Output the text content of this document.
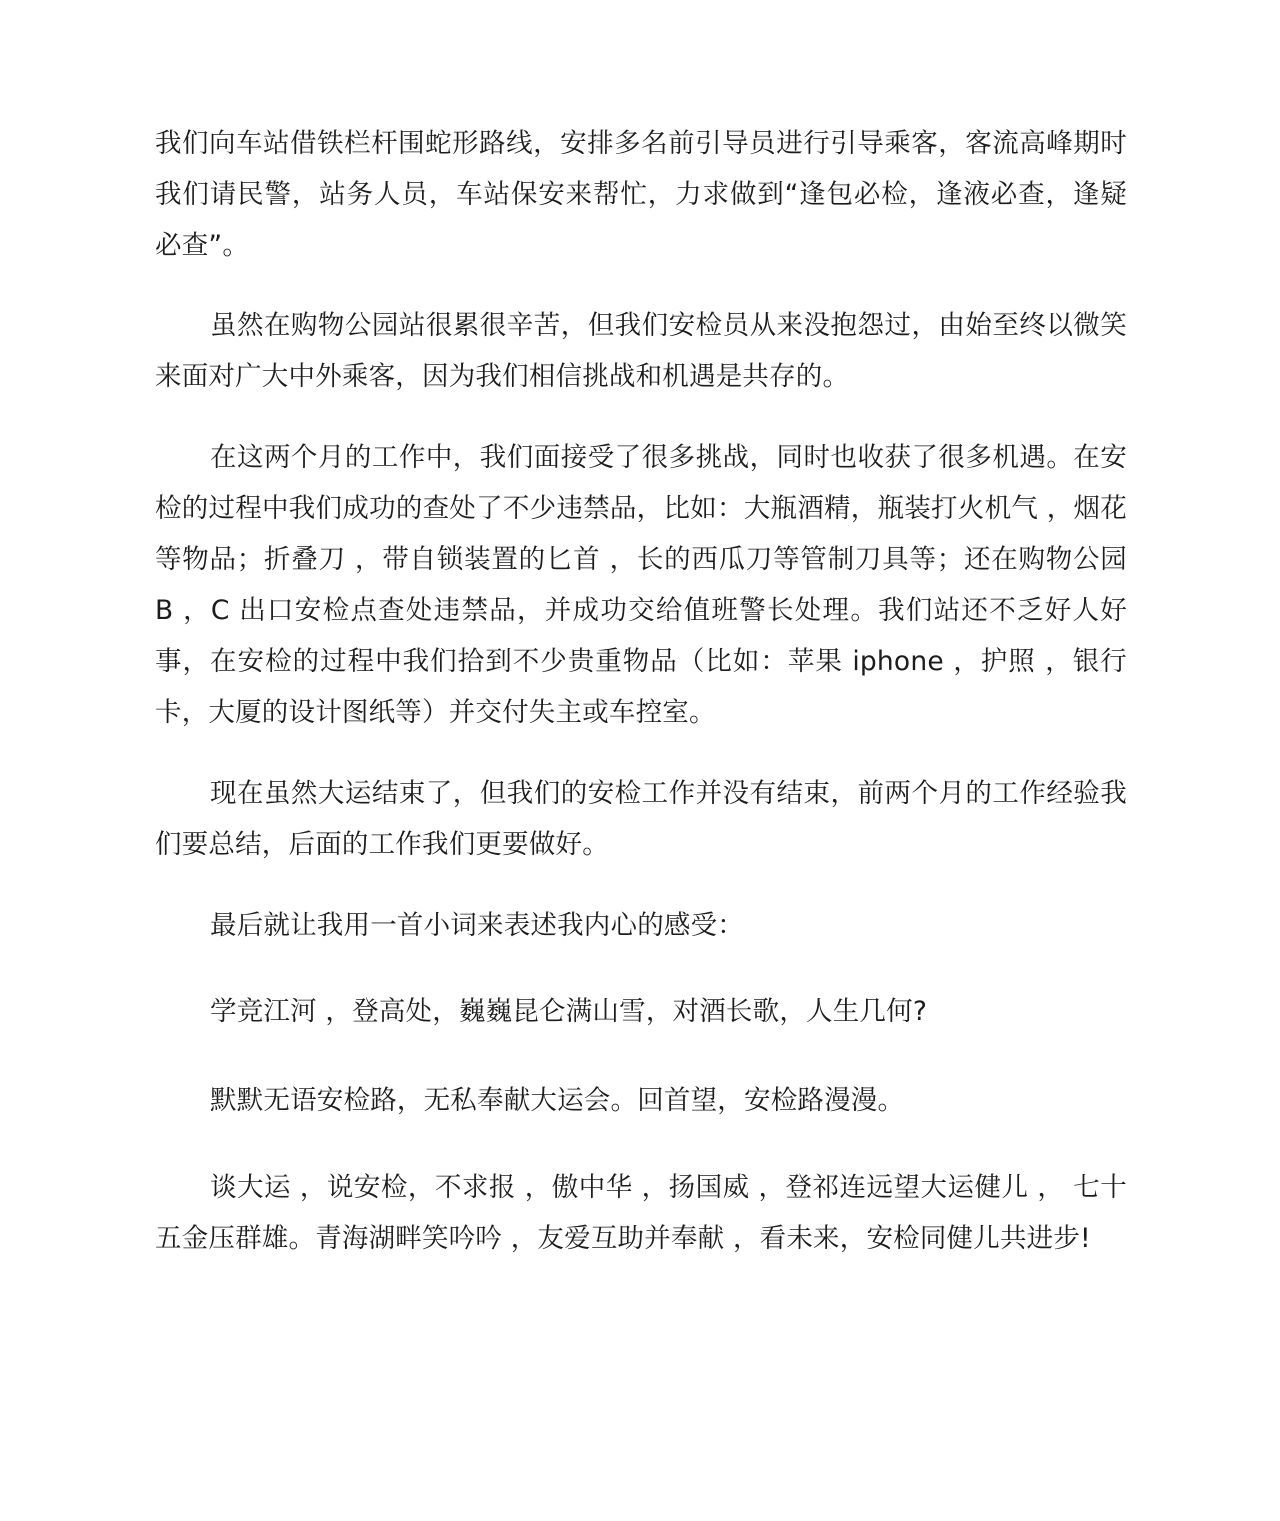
我们向车站借铁栏杆围蛇形路线，安排多名前引导员进行引导乘客，客流高峰期时我们请民警，站务人员，车站保安来帮忙，力求做到“逢包必检，逢液必查，逢疑必查”。

虽然在购物公园站很累很辛苦，但我们安检员从来没抱怨过，由始至终以微笑来面对广大中外乘客，因为我们相信挑战和机遇是共存的。

在这两个月的工作中，我们面接受了很多挑战，同时也收获了很多机遇。在安检的过程中我们成功的查处了不少违禁品，比如：大瓶酒精，瓶装打火机气 ，烟花等物品；折叠刀 ，带自锁装置的匕首 ，长的西瓜刀等管制刀具等；还在购物公园 B ，C 出口安检点查处违禁品，并成功交给值班警长处理。我们站还不乏好人好事，在安检的过程中我们拾到不少贵重物品（比如：苹果 iphone ，护照 ，银行卡，大厦的设计图纸等）并交付失主或车控室。

现在虽然大运结束了，但我们的安检工作并没有结束，前两个月的工作经验我们要总结，后面的工作我们更要做好。

最后就让我用一首小词来表述我内心的感受：

学竞江河 ，登高处，巍巍昆仑满山雪，对酒长歌，人生几何?

默默无语安检路，无私奉献大运会。回首望，安检路漫漫。

谈大运 ，说安检，不求报 ，傲中华 ，扬国威 ，登祁连远望大运健儿 ， 七十五金压群雄。青海湖畔笑吟吟 ，友爱互助并奉献 ，看未来，安检同健儿共进步!
